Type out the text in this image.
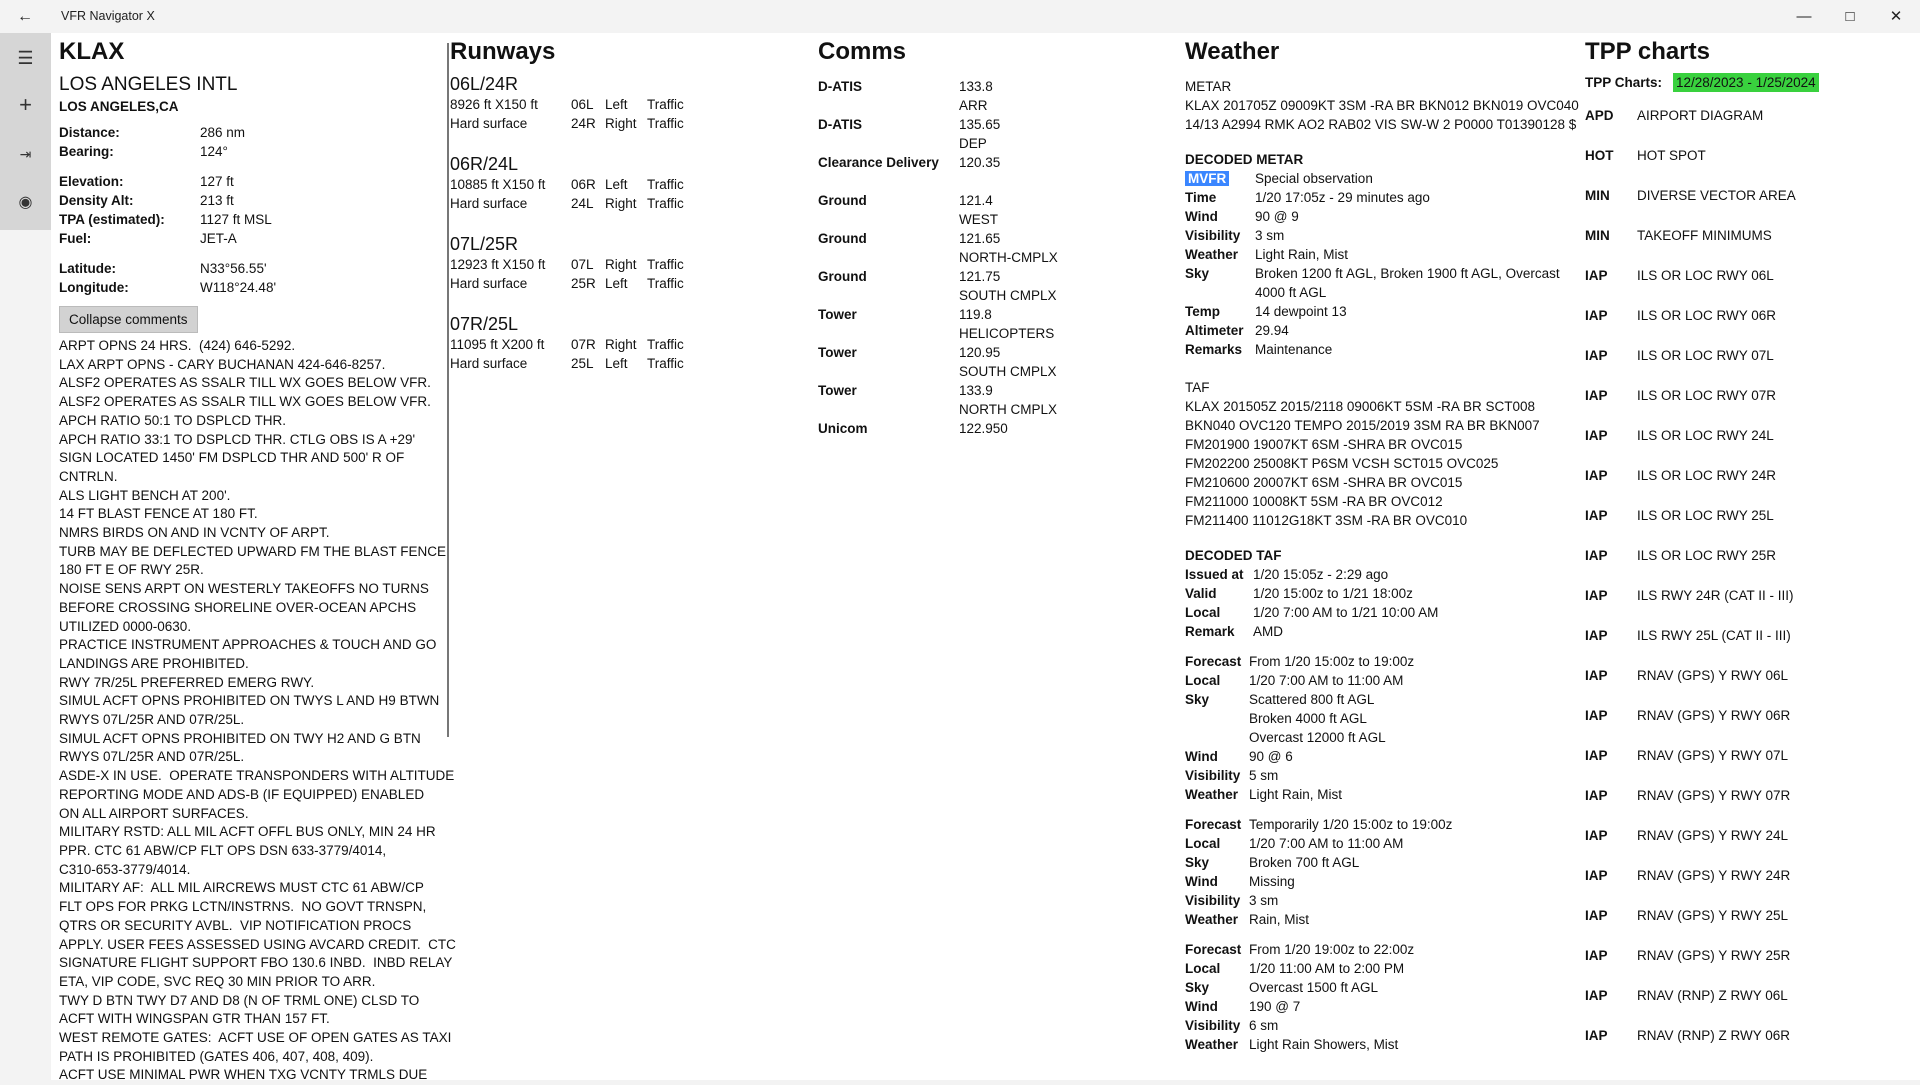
← VFR Navigator X	—	□	✕
☰
+
⇥
◉
KLAX
LOS ANGELES INTL
LOS ANGELES,CA
Distance:	286 nm
Bearing:	124°
Elevation:	127 ft
Density Alt:	213 ft
TPA (estimated):	1127 ft MSL
Fuel:	JET-A
Latitude:	N33°56.55'
Longitude:	W118°24.48'
Collapse comments
ARPT OPNS 24 HRS.  (424) 646-5292.
LAX ARPT OPNS - CARY BUCHANAN 424-646-8257.
ALSF2 OPERATES AS SSALR TILL WX GOES BELOW VFR.
ALSF2 OPERATES AS SSALR TILL WX GOES BELOW VFR.
APCH RATIO 50:1 TO DSPLCD THR.
APCH RATIO 33:1 TO DSPLCD THR. CTLG OBS IS A +29'
SIGN LOCATED 1450' FM DSPLCD THR AND 500' R OF
CNTRLN.
ALS LIGHT BENCH AT 200'.
14 FT BLAST FENCE AT 180 FT.
NMRS BIRDS ON AND IN VCNTY OF ARPT.
TURB MAY BE DEFLECTED UPWARD FM THE BLAST FENCE
180 FT E OF RWY 25R.
NOISE SENS ARPT ON WESTERLY TAKEOFFS NO TURNS
BEFORE CROSSING SHORELINE OVER-OCEAN APCHS
UTILIZED 0000-0630.
PRACTICE INSTRUMENT APPROACHES & TOUCH AND GO
LANDINGS ARE PROHIBITED.
RWY 7R/25L PREFERRED EMERG RWY.
SIMUL ACFT OPNS PROHIBITED ON TWYS L AND H9 BTWN
RWYS 07L/25R AND 07R/25L.
SIMUL ACFT OPNS PROHIBITED ON TWY H2 AND G BTN
RWYS 07L/25R AND 07R/25L.
ASDE-X IN USE.  OPERATE TRANSPONDERS WITH ALTITUDE
REPORTING MODE AND ADS-B (IF EQUIPPED) ENABLED
ON ALL AIRPORT SURFACES.
MILITARY RSTD: ALL MIL ACFT OFFL BUS ONLY, MIN 24 HR
PPR. CTC 61 ABW/CP FLT OPS DSN 633-3779/4014,
C310-653-3779/4014.
MILITARY AF:  ALL MIL AIRCREWS MUST CTC 61 ABW/CP
FLT OPS FOR PRKG LCTN/INSTRNS.  NO GOVT TRNSPN,
QTRS OR SECURITY AVBL.  VIP NOTIFICATION PROCS
APPLY. USER FEES ASSESSED USING AVCARD CREDIT.  CTC
SIGNATURE FLIGHT SUPPORT FBO 130.6 INBD.  INBD RELAY
ETA, VIP CODE, SVC REQ 30 MIN PRIOR TO ARR.
TWY D BTN TWY D7 AND D8 (N OF TRML ONE) CLSD TO
ACFT WITH WINGSPAN GTR THAN 157 FT.
WEST REMOTE GATES:  ACFT USE OF OPEN GATES AS TAXI
PATH IS PROHIBITED (GATES 406, 407, 408, 409).
ACFT USE MINIMAL PWR WHEN TXG VCNTY TRMLS DUE
Runways
06L/24R
8926 ft X150 ft	06L Left	Traffic
Hard surface	24R Right Traffic
06R/24L
10885 ft X150 ft	06R Left	Traffic
Hard surface	24L Right Traffic
07L/25R
12923 ft X150 ft	07L Right Traffic
Hard surface	25R Left	Traffic
07R/25L
11095 ft X200 ft	07R Right Traffic
Hard surface	25L Left	Traffic
Comms
D-ATIS	133.8
ARR
D-ATIS	135.65
DEP
Clearance Delivery	120.35
Ground	121.4
WEST
Ground	121.65
NORTH-CMPLX
Ground	121.75
SOUTH CMPLX
Tower	119.8
HELICOPTERS
Tower	120.95
SOUTH CMPLX
Tower	133.9
NORTH CMPLX
Unicom	122.950
Weather
METAR
KLAX 201705Z 09009KT 3SM -RA BR BKN012 BKN019 OVC040
14/13 A2994 RMK AO2 RAB02 VIS SW-W 2 P0000 T01390128 $
DECODED METAR
MVFR	Special observation
Time	1/20 17:05z - 29 minutes ago
Wind	90 @ 9
Visibility	3 sm
Weather	Light Rain, Mist
Sky	Broken 1200 ft AGL, Broken 1900 ft AGL, Overcast
4000 ft AGL
Temp	14 dewpoint 13
Altimeter 29.94
Remarks Maintenance
TAF
KLAX 201505Z 2015/2118 09006KT 5SM -RA BR SCT008
BKN040 OVC120 TEMPO 2015/2019 3SM RA BR BKN007
FM201900 19007KT 6SM -SHRA BR OVC015
FM202200 25008KT P6SM VCSH SCT015 OVC025
FM210600 20007KT 6SM -SHRA BR OVC015
FM211000 10008KT 5SM -RA BR OVC012
FM211400 11012G18KT 3SM -RA BR OVC010
DECODED TAF
Issued at 1/20 15:05z - 2:29 ago
Valid	1/20 15:00z to 1/21 18:00z
Local	1/20 7:00 AM to 1/21 10:00 AM
Remark	AMD
Forecast From 1/20 15:00z to 19:00z
Local	1/20 7:00 AM to 11:00 AM
Sky	Scattered 800 ft AGL
Broken 4000 ft AGL
Overcast 12000 ft AGL
Wind	90 @ 6
Visibility 5 sm
Weather Light Rain, Mist
Forecast Temporarily 1/20 15:00z to 19:00z
Local	1/20 7:00 AM to 11:00 AM
Sky	Broken 700 ft AGL
Wind	Missing
Visibility 3 sm
Weather Rain, Mist
Forecast From 1/20 19:00z to 22:00z
Local	1/20 11:00 AM to 2:00 PM
Sky	Overcast 1500 ft AGL
Wind	190 @ 7
Visibility 6 sm
Weather Light Rain Showers, Mist
TPP charts
TPP Charts:	12/28/2023 - 1/25/2024
APD	AIRPORT DIAGRAM
HOT	HOT SPOT
MIN	DIVERSE VECTOR AREA
MIN	TAKEOFF MINIMUMS
IAP	ILS OR LOC RWY 06L
IAP	ILS OR LOC RWY 06R
IAP	ILS OR LOC RWY 07L
IAP	ILS OR LOC RWY 07R
IAP	ILS OR LOC RWY 24L
IAP	ILS OR LOC RWY 24R
IAP	ILS OR LOC RWY 25L
IAP	ILS OR LOC RWY 25R
IAP	ILS RWY 24R (CAT II - III)
IAP	ILS RWY 25L (CAT II - III)
IAP	RNAV (GPS) Y RWY 06L
IAP	RNAV (GPS) Y RWY 06R
IAP	RNAV (GPS) Y RWY 07L
IAP	RNAV (GPS) Y RWY 07R
IAP	RNAV (GPS) Y RWY 24L
IAP	RNAV (GPS) Y RWY 24R
IAP	RNAV (GPS) Y RWY 25L
IAP	RNAV (GPS) Y RWY 25R
IAP	RNAV (RNP) Z RWY 06L
IAP	RNAV (RNP) Z RWY 06R
